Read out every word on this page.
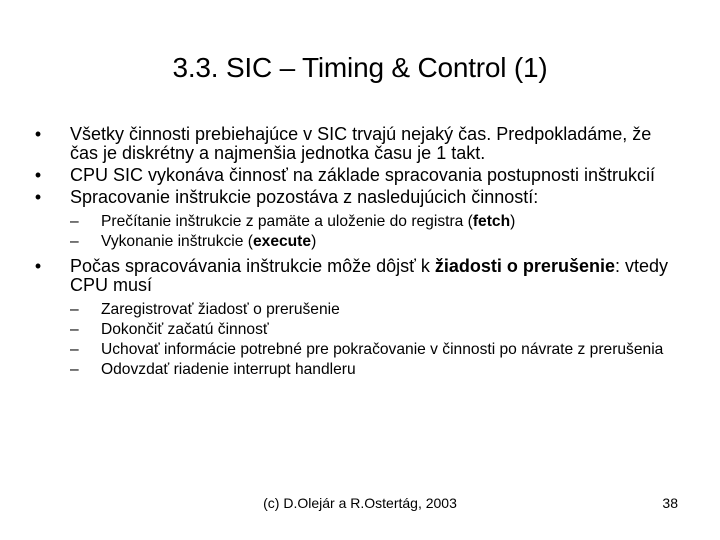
3.3. SIC – Timing & Control (1)
•	Všetky činnosti prebiehajúce v SIC trvajú nejaký čas. Predpokladáme, že čas je diskrétny a najmenšia jednotka času je 1 takt.
•	CPU SIC vykonáva činnosť na základe spracovania postupnosti inštrukcií
•	Spracovanie inštrukcie pozostáva z nasledujúcich činností:
– Prečítanie inštrukcie z pamäte a uloženie do registra (fetch)
– Vykonanie inštrukcie (execute)
•	Počas spracovávania inštrukcie môže dôjsť k žiadosti o prerušenie: vtedy CPU musí
– Zaregistrovať žiadosť o prerušenie
– Dokončiť začatú činnosť
– Uchovať informácie potrebné pre pokračovanie v činnosti po návrate z prerušenia
– Odovzdať riadenie interrupt handleru
(c) D.Olejár a R.Ostertág, 2003	38
